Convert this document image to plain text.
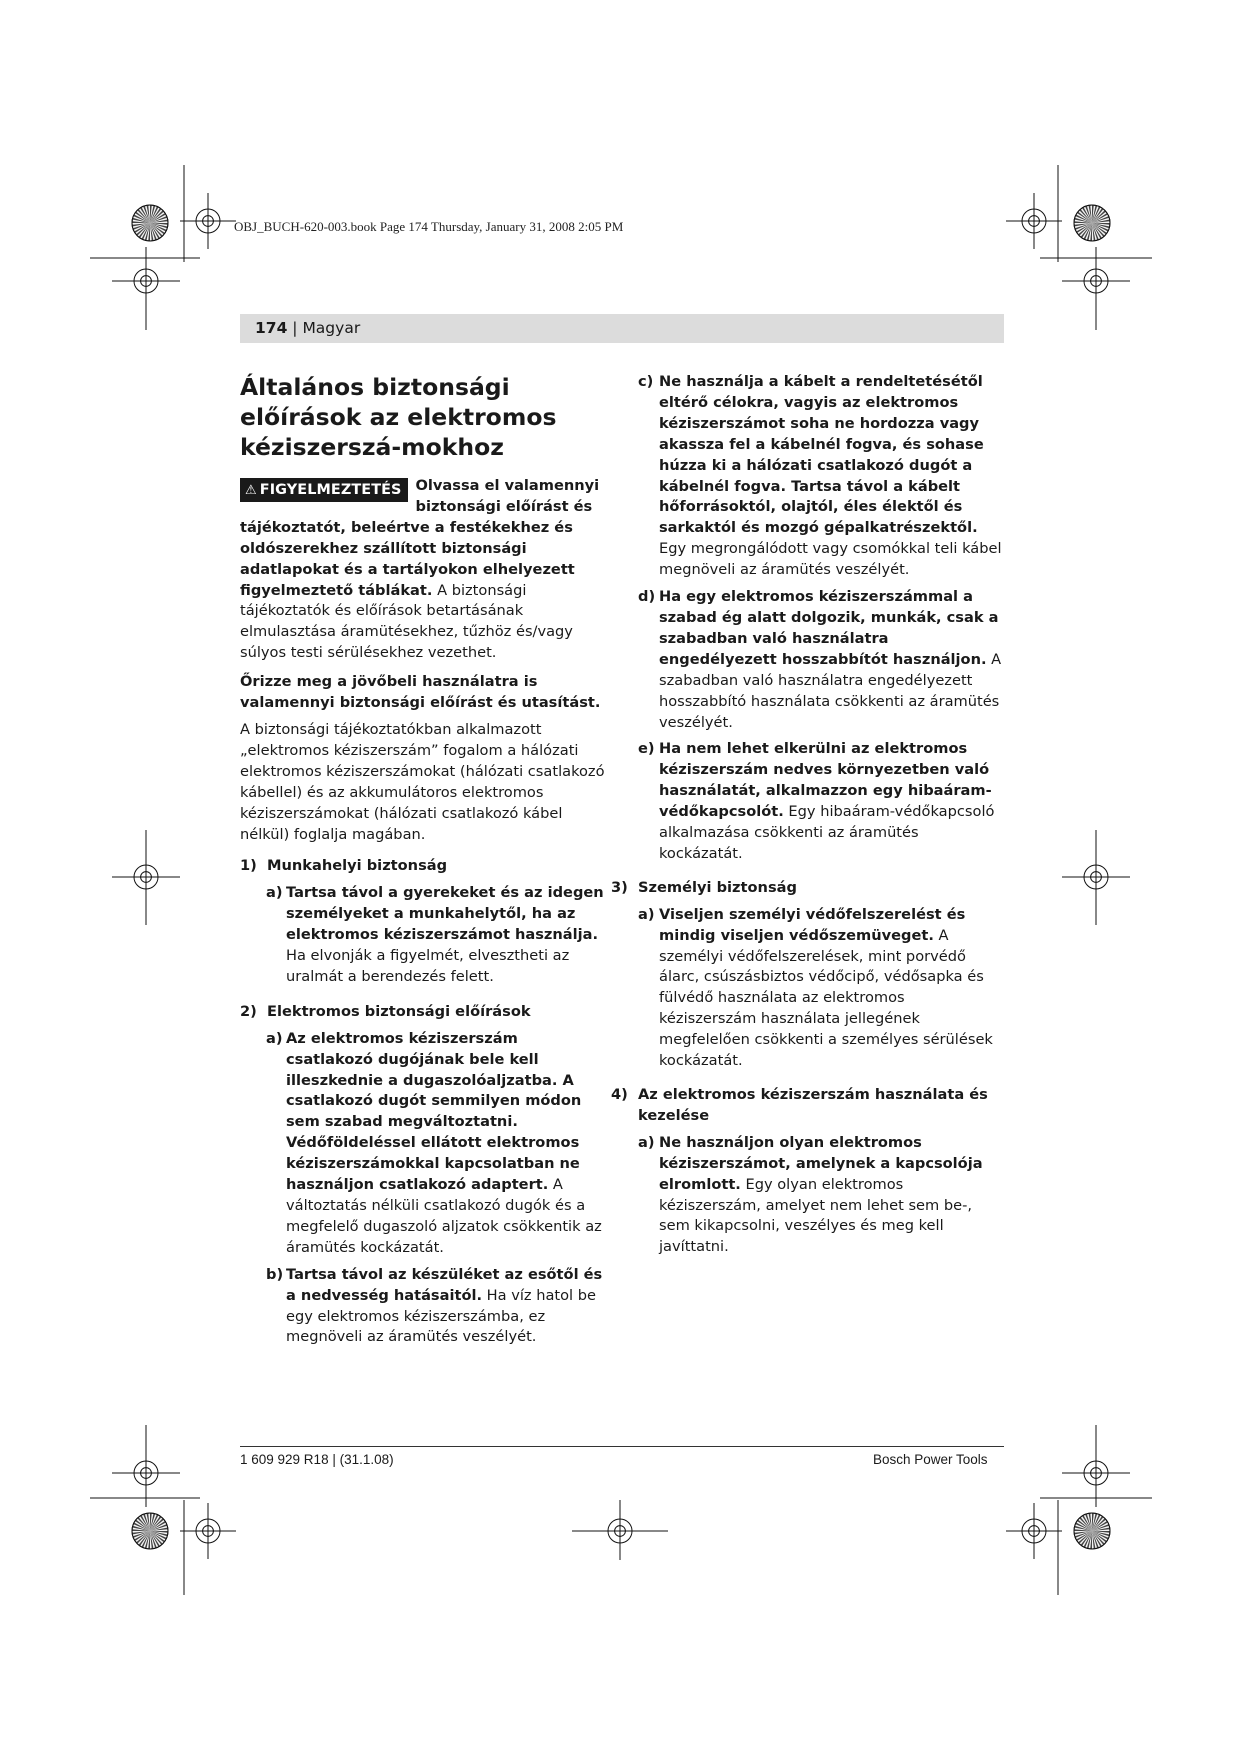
OBJ_BUCH-620-003.book Page 174 Thursday, January 31, 2008 2:05 PM
174 | Magyar
Általános biztonsági előírások az elektromos kéziszerszá-mokhoz

⚠ FIGYELMEZTETÉS Olvassa el valamennyi biztonsági előírást és tájékoztatót, beleértve a festékekhez és oldószerekhez szállított biztonsági adatlapokat és a tartályokon elhelyezett figyelmeztető táblákat. A biztonsági tájékoztatók és előírások betartásának elmulasztása áramütésekhez, tűzhöz és/vagy súlyos testi sérülésekhez vezethet.

Őrizze meg a jövőbeli használatra is valamennyi biztonsági előírást és utasítást.

A biztonsági tájékoztatókban alkalmazott „elektromos kéziszerszám” fogalom a hálózati elektromos kéziszerszámokat (hálózati csatlakozó kábellel) és az akkumulátoros elektromos kéziszerszámokat (hálózati csatlakozó kábel nélkül) foglalja magában.

1) Munkahelyi biztonság
a) Tartsa távol a gyerekeket és az idegen személyeket a munkahelytől, ha az elektromos kéziszerszámot használja. Ha elvonják a figyelmét, elvesztheti az uralmát a berendezés felett.
2) Elektromos biztonsági előírások
a) Az elektromos kéziszerszám csatlakozó dugójának bele kell illeszkednie a dugaszolóaljzatba. A csatlakozó dugót semmilyen módon sem szabad megváltoztatni. Védőföldeléssel ellátott elektromos kéziszerszámokkal kapcsolatban ne használjon csatlakozó adaptert. A változtatás nélküli csatlakozó dugók és a megfelelő dugaszoló aljzatok csökkentik az áramütés kockázatát.
b) Tartsa távol az készüléket az esőtől és a nedvesség hatásaitól. Ha víz hatol be egy elektromos kéziszerszámba, ez megnöveli az áramütés veszélyét.
c) Ne használja a kábelt a rendeltetésétől eltérő célokra, vagyis az elektromos kéziszerszámot soha ne hordozza vagy akassza fel a kábelnél fogva, és sohase húzza ki a hálózati csatlakozó dugót a kábelnél fogva. Tartsa távol a kábelt hőforrásoktól, olajtól, éles élektől és sarkaktól és mozgó gépalkatrészektől. Egy megrongálódott vagy csomókkal teli kábel megnöveli az áramütés veszélyét.
d) Ha egy elektromos kéziszerszámmal a szabad ég alatt dolgozik, munkák, csak a szabadban való használatra engedélyezett hosszabbítót használjon. A szabadban való használatra engedélyezett hosszabbító használata csökkenti az áramütés veszélyét.
e) Ha nem lehet elkerülni az elektromos kéziszerszám nedves környezetben való használatát, alkalmazzon egy hibaáram-védőkapcsolót. Egy hibaáram-védőkapcsoló alkalmazása csökkenti az áramütés kockázatát.
3) Személyi biztonság
a) Viseljen személyi védőfelszerelést és mindig viseljen védőszemüveget. A személyi védőfelszerelések, mint porvédő álarc, csúszásbiztos védőcipő, védősapka és fülvédő használata az elektromos kéziszerszám használata jellegének megfelelően csökkenti a személyes sérülések kockázatát.
4) Az elektromos kéziszerszám használata és kezelése
a) Ne használjon olyan elektromos kéziszerszámot, amelynek a kapcsolója elromlott. Egy olyan elektromos kéziszerszám, amelyet nem lehet sem be-, sem kikapcsolni, veszélyes és meg kell javíttatni.
1 609 929 R18 | (31.1.08)	Bosch Power Tools
